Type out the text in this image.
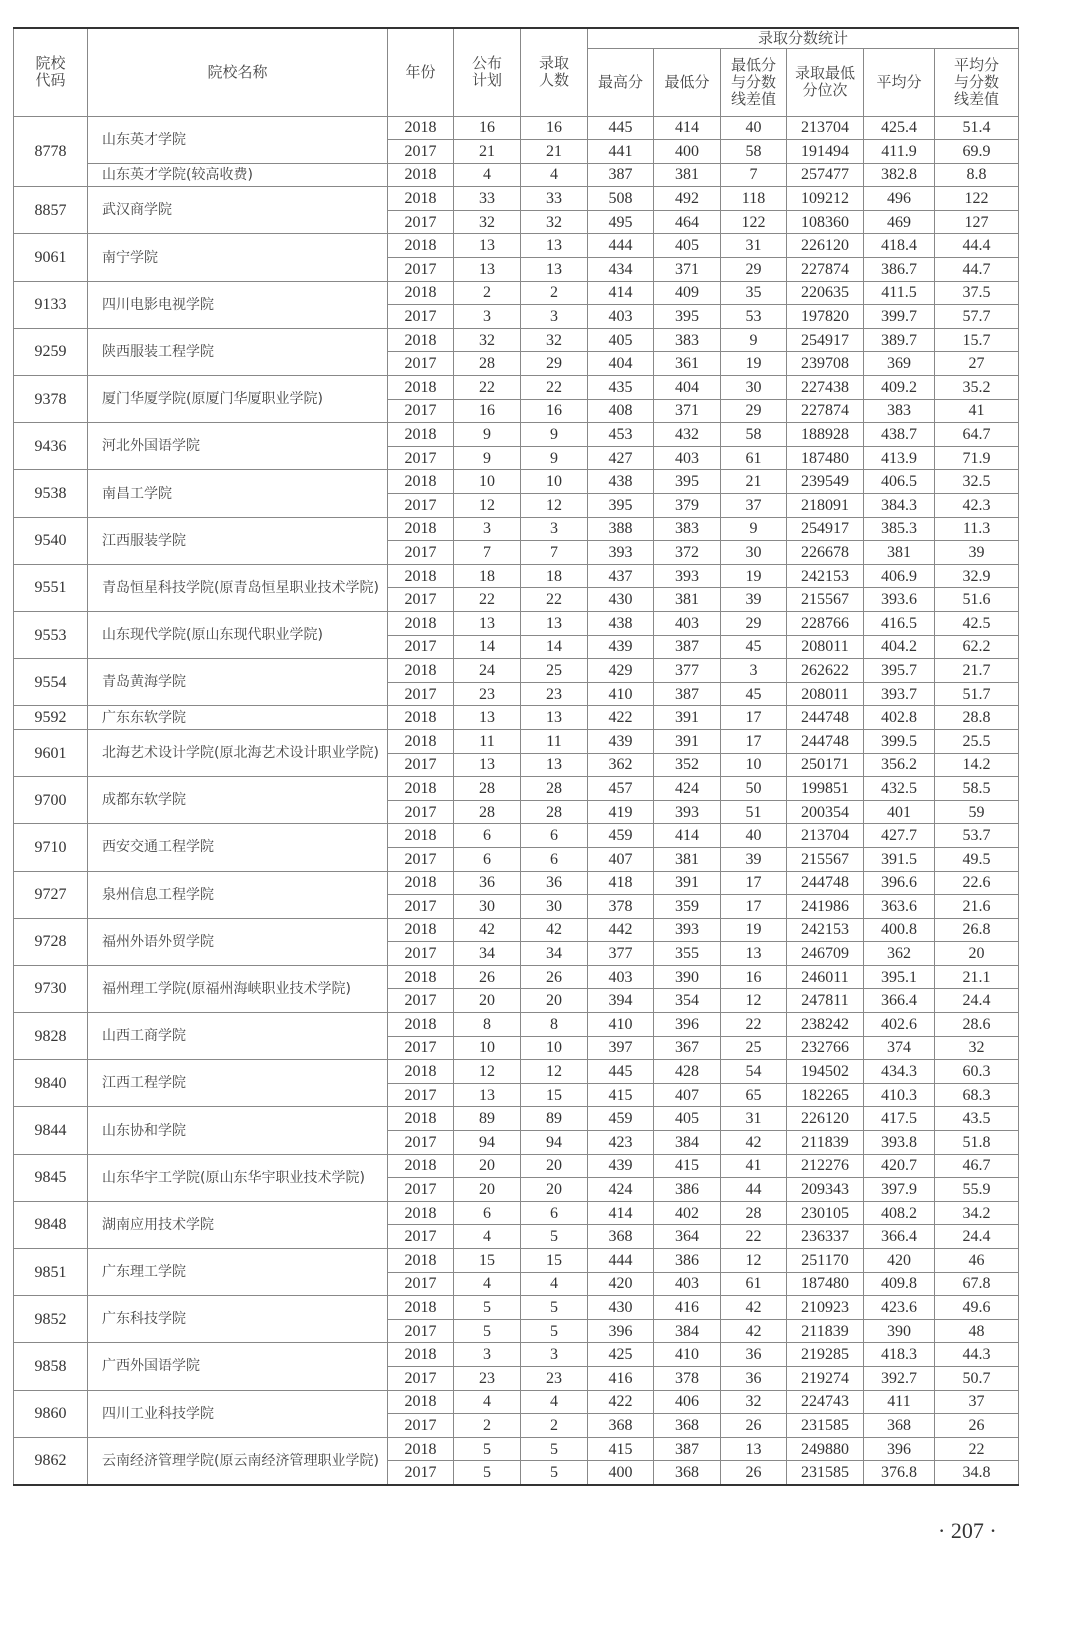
院校代码	院校名称	年份	公布计划	录取人数	录取分数统计					
					最高分	最低分	最低分与分数线差值	录取最低分位次	平均分	平均分与分数线差值
8778	山东英才学院	2018	16	16	445	414	40	213704	425.4	51.4
		2017	21	21	441	400	58	191494	411.9	69.9
	山东英才学院(较高收费)	2018	4	4	387	381	7	257477	382.8	8.8
8857	武汉商学院	2018	33	33	508	492	118	109212	496	122
		2017	32	32	495	464	122	108360	469	127
9061	南宁学院	2018	13	13	444	405	31	226120	418.4	44.4
		2017	13	13	434	371	29	227874	386.7	44.7
9133	四川电影电视学院	2018	2	2	414	409	35	220635	411.5	37.5
		2017	3	3	403	395	53	197820	399.7	57.7
9259	陕西服装工程学院	2018	32	32	405	383	9	254917	389.7	15.7
		2017	28	29	404	361	19	239708	369	27
9378	厦门华厦学院(原厦门华厦职业学院)	2018	22	22	435	404	30	227438	409.2	35.2
		2017	16	16	408	371	29	227874	383	41
9436	河北外国语学院	2018	9	9	453	432	58	188928	438.7	64.7
		2017	9	9	427	403	61	187480	413.9	71.9
9538	南昌工学院	2018	10	10	438	395	21	239549	406.5	32.5
		2017	12	12	395	379	37	218091	384.3	42.3
9540	江西服装学院	2018	3	3	388	383	9	254917	385.3	11.3
		2017	7	7	393	372	30	226678	381	39
9551	青岛恒星科技学院(原青岛恒星职业技术学院)	2018	18	18	437	393	19	242153	406.9	32.9
		2017	22	22	430	381	39	215567	393.6	51.6
9553	山东现代学院(原山东现代职业学院)	2018	13	13	438	403	29	228766	416.5	42.5
		2017	14	14	439	387	45	208011	404.2	62.2
9554	青岛黄海学院	2018	24	25	429	377	3	262622	395.7	21.7
		2017	23	23	410	387	45	208011	393.7	51.7
9592	广东东软学院	2018	13	13	422	391	17	244748	402.8	28.8
9601	北海艺术设计学院(原北海艺术设计职业学院)	2018	11	11	439	391	17	244748	399.5	25.5
		2017	13	13	362	352	10	250171	356.2	14.2
9700	成都东软学院	2018	28	28	457	424	50	199851	432.5	58.5
		2017	28	28	419	393	51	200354	401	59
9710	西安交通工程学院	2018	6	6	459	414	40	213704	427.7	53.7
		2017	6	6	407	381	39	215567	391.5	49.5
9727	泉州信息工程学院	2018	36	36	418	391	17	244748	396.6	22.6
		2017	30	30	378	359	17	241986	363.6	21.6
9728	福州外语外贸学院	2018	42	42	442	393	19	242153	400.8	26.8
		2017	34	34	377	355	13	246709	362	20
9730	福州理工学院(原福州海峡职业技术学院)	2018	26	26	403	390	16	246011	395.1	21.1
		2017	20	20	394	354	12	247811	366.4	24.4
9828	山西工商学院	2018	8	8	410	396	22	238242	402.6	28.6
		2017	10	10	397	367	25	232766	374	32
9840	江西工程学院	2018	12	12	445	428	54	194502	434.3	60.3
		2017	13	15	415	407	65	182265	410.3	68.3
9844	山东协和学院	2018	89	89	459	405	31	226120	417.5	43.5
		2017	94	94	423	384	42	211839	393.8	51.8
9845	山东华宇工学院(原山东华宇职业技术学院)	2018	20	20	439	415	41	212276	420.7	46.7
		2017	20	20	424	386	44	209343	397.9	55.9
9848	湖南应用技术学院	2018	6	6	414	402	28	230105	408.2	34.2
		2017	4	5	368	364	22	236337	366.4	24.4
9851	广东理工学院	2018	15	15	444	386	12	251170	420	46
		2017	4	4	420	403	61	187480	409.8	67.8
9852	广东科技学院	2018	5	5	430	416	42	210923	423.6	49.6
		2017	5	5	396	384	42	211839	390	48
9858	广西外国语学院	2018	3	3	425	410	36	219285	418.3	44.3
		2017	23	23	416	378	36	219274	392.7	50.7
9860	四川工业科技学院	2018	4	4	422	406	32	224743	411	37
		2017	2	2	368	368	26	231585	368	26
9862	云南经济管理学院(原云南经济管理职业学院)	2018	5	5	415	387	13	249880	396	22
		2017	5	5	400	368	26	231585	376.8	34.8
· 207 ·
